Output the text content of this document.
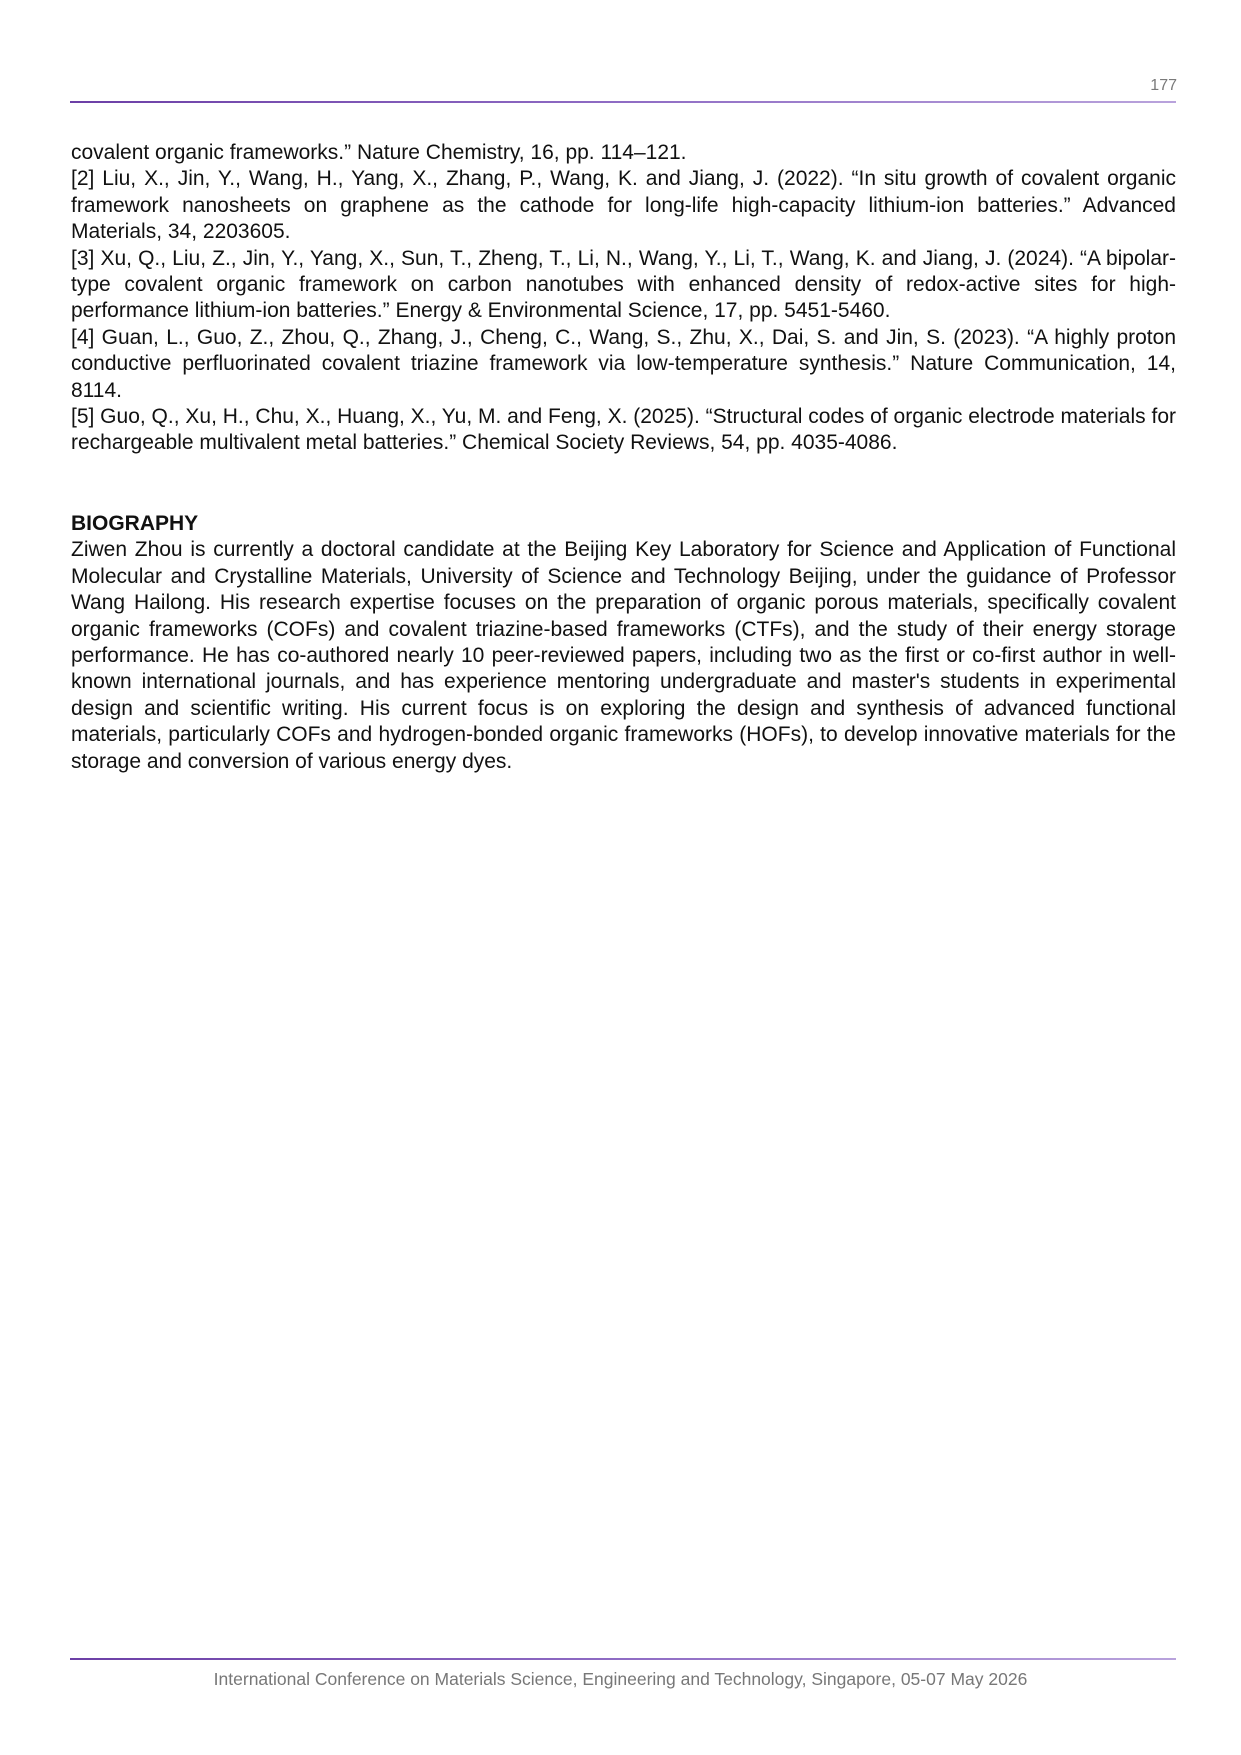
177

covalent organic frameworks.” Nature Chemistry, 16, pp. 114–121.

[2] Liu, X., Jin, Y., Wang, H., Yang, X., Zhang, P., Wang, K. and Jiang, J. (2022). “In situ growth of covalent organic framework nanosheets on graphene as the cathode for long-life high-capacity lithium-ion batteries.” Advanced Materials, 34, 2203605.

[3] Xu, Q., Liu, Z., Jin, Y., Yang, X., Sun, T., Zheng, T., Li, N., Wang, Y., Li, T., Wang, K. and Jiang, J. (2024). “A bipolar-type covalent organic framework on carbon nanotubes with enhanced density of redox-active sites for high-performance lithium-ion batteries.” Energy & Environmental Science, 17, pp. 5451-5460.

[4] Guan, L., Guo, Z., Zhou, Q., Zhang, J., Cheng, C., Wang, S., Zhu, X., Dai, S. and Jin, S. (2023). “A highly proton conductive perfluorinated covalent triazine framework via low-temperature synthesis.” Nature Communication, 14, 8114.

[5] Guo, Q., Xu, H., Chu, X., Huang, X., Yu, M. and Feng, X. (2025). “Structural codes of organic electrode materials for rechargeable multivalent metal batteries.” Chemical Society Reviews, 54, pp. 4035-4086.

BIOGRAPHY

Ziwen Zhou is currently a doctoral candidate at the Beijing Key Laboratory for Science and Application of Functional Molecular and Crystalline Materials, University of Science and Technology Beijing, under the guidance of Professor Wang Hailong. His research expertise focuses on the preparation of organic porous materials, specifically covalent organic frameworks (COFs) and covalent triazine-based frameworks (CTFs), and the study of their energy storage performance. He has co-authored nearly 10 peer-reviewed papers, including two as the first or co-first author in well-known international journals, and has experience mentoring undergraduate and master's students in experimental design and scientific writing. His current focus is on exploring the design and synthesis of advanced functional materials, particularly COFs and hydrogen-bonded organic frameworks (HOFs), to develop innovative materials for the storage and conversion of various energy dyes.

International Conference on Materials Science, Engineering and Technology, Singapore, 05-07 May 2026
